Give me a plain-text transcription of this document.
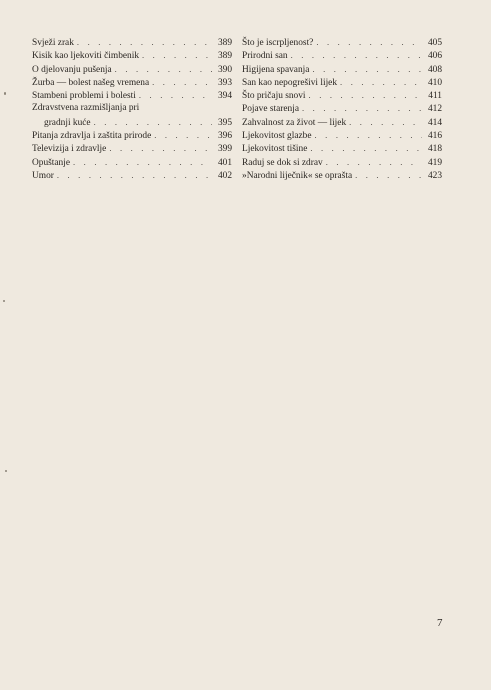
Svježi zrak . . .	389
Kisik kao ljekoviti čimbenik . . .	389
O djelovanju pušenja . . .	390
Žurba — bolest našeg vremena . . .	393
Stambeni problemi i bolesti . . .	394
Zdravstvena razmišljanja pri
gradnji kuće . . .	395
Pitanja zdravlja i zaštita prirode . . .	396
Televizija i zdravlje . . .	399
Opuštanje . . .	401
Umor . . .	402
Što je iscrpljenost? . . .	405
Prirodni san . . .	406
Higijena spavanja . . .	408
San kao nepogrešivi lijek . . .	410
Što pričaju snovi . . .	411
Pojave starenja . . .	412
Zahvalnost za život — lijek . . .	414
Ljekovitost glazbe . . .	416
Ljekovitost tišine . . .	418
Raduj se dok si zdrav . . .	419
»Narodni liječnik« se oprašta . . .	423
7
